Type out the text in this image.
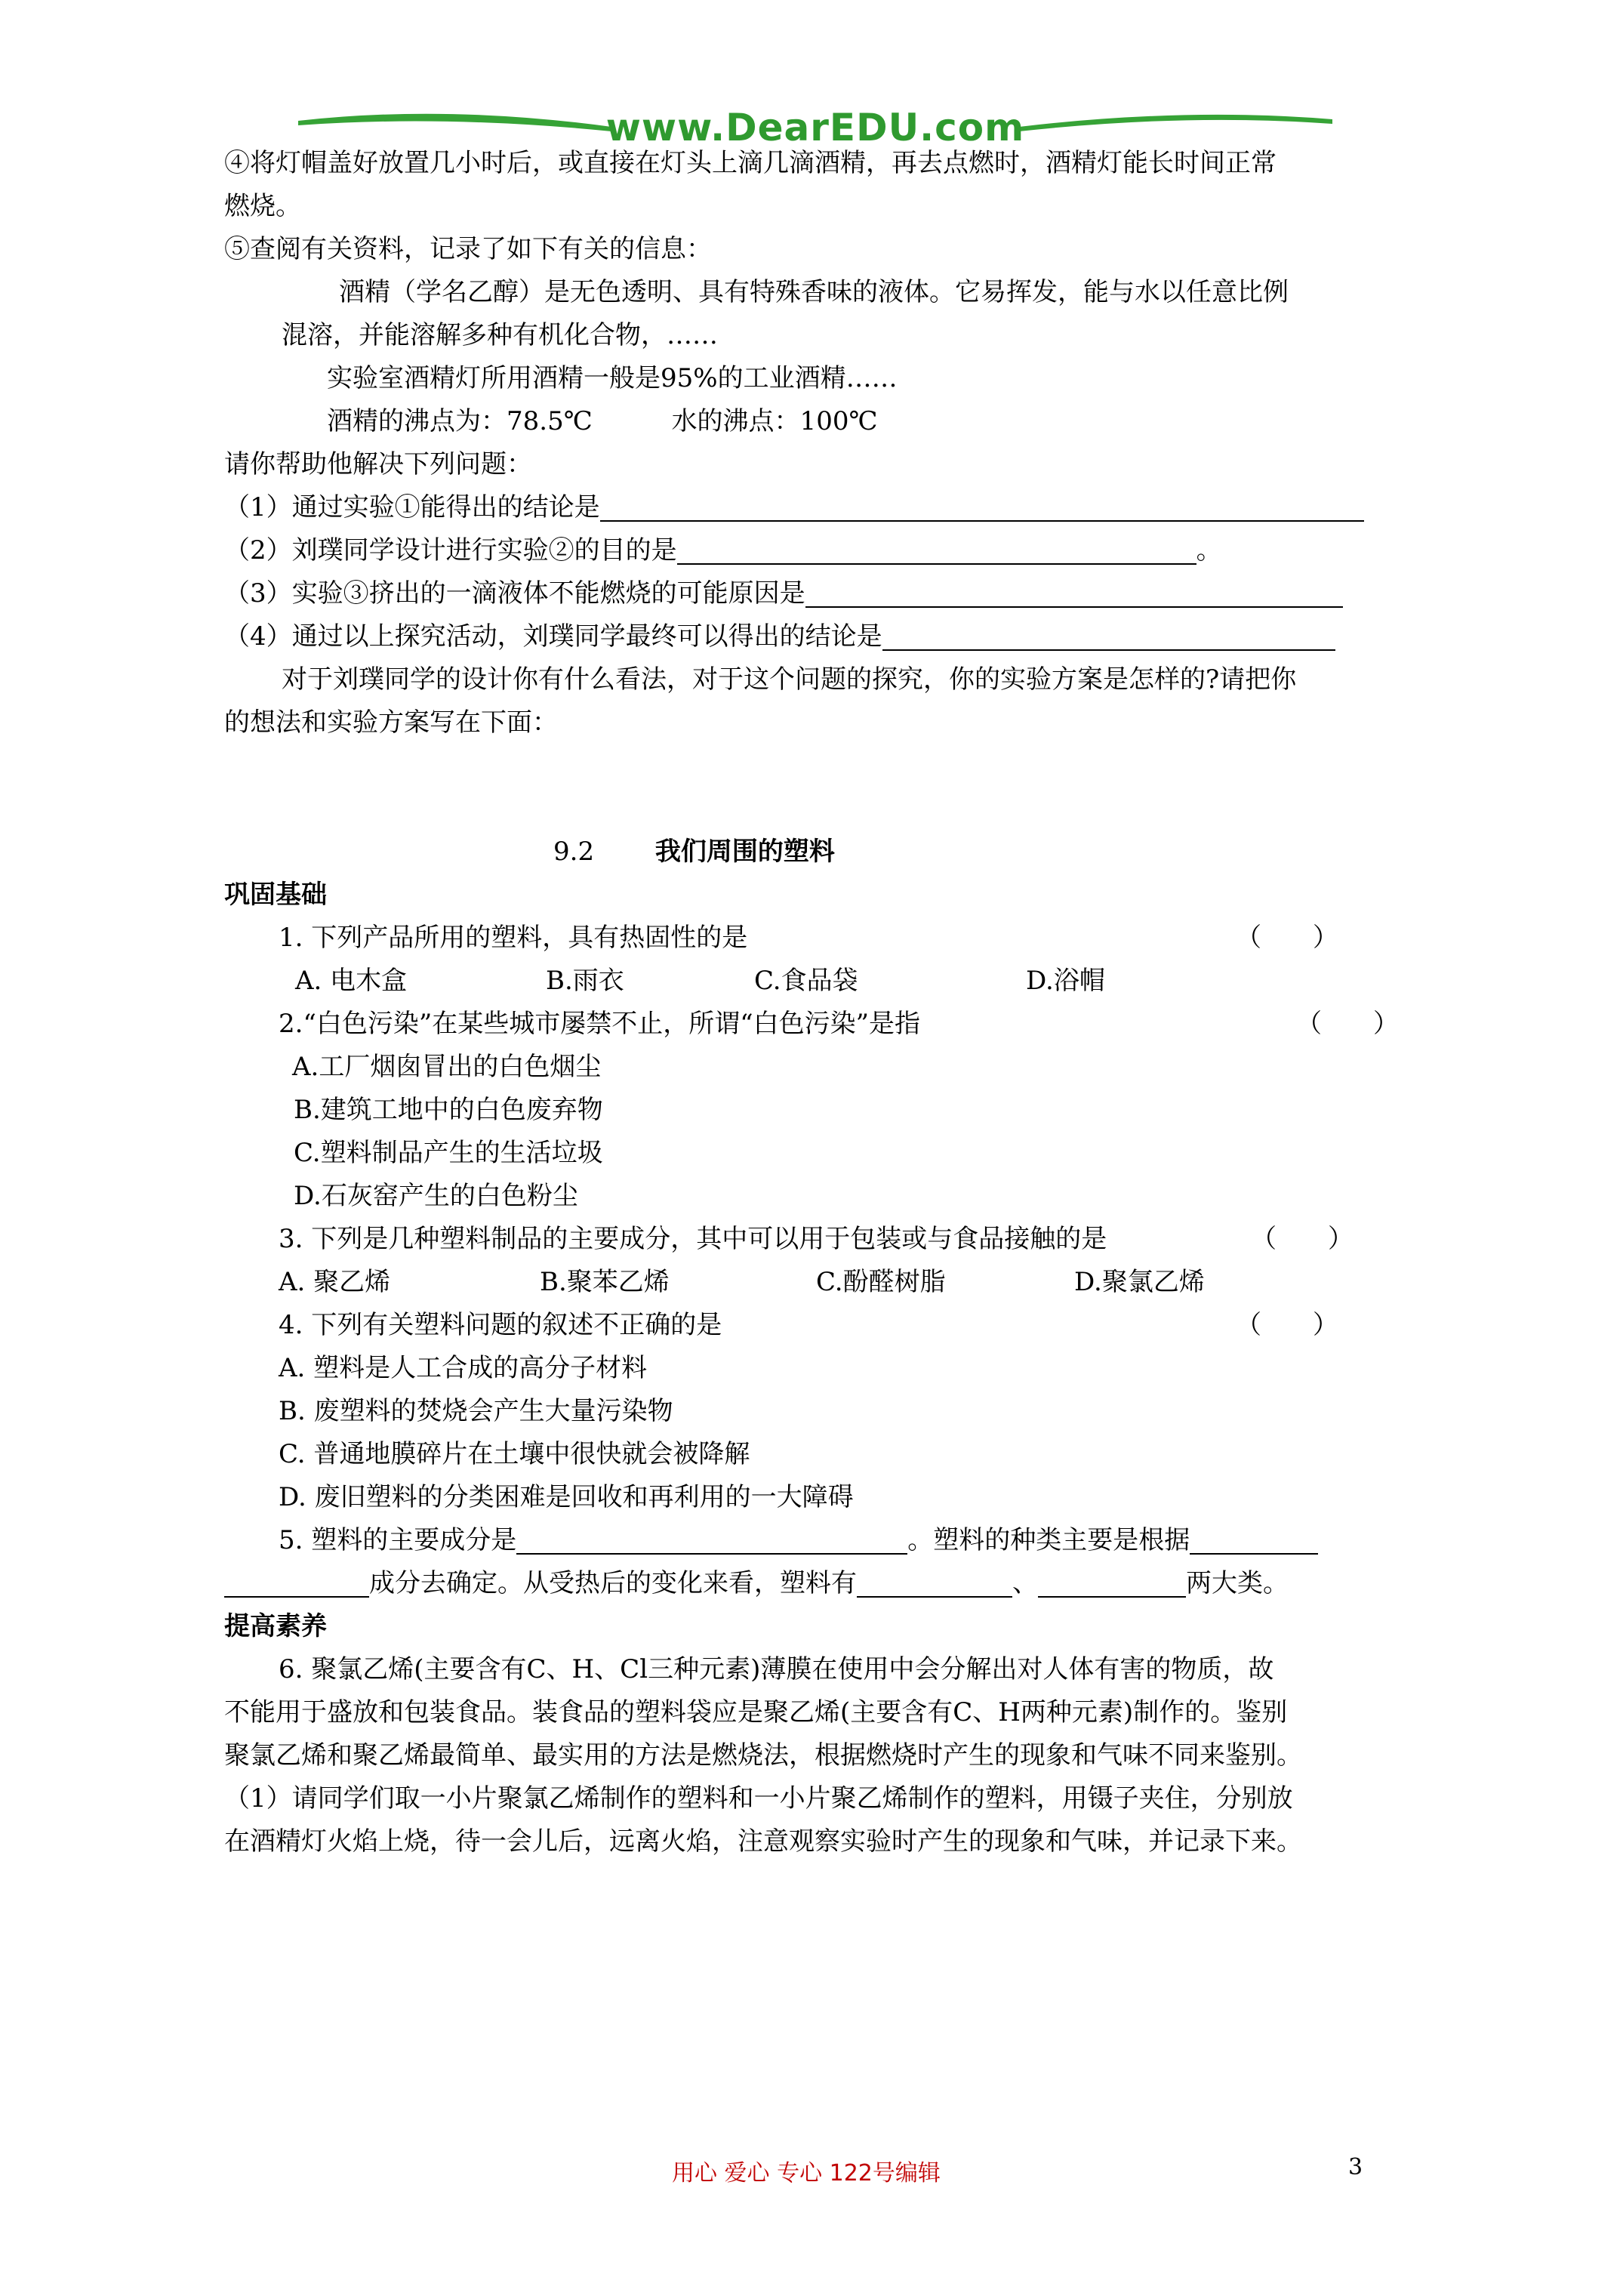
www.DearEDU.com
④将灯帽盖好放置几小时后，或直接在灯头上滴几滴酒精，再去点燃时，酒精灯能长时间正常
燃烧。
⑤查阅有关资料，记录了如下有关的信息：
酒精（学名乙醇）是无色透明、具有特殊香味的液体。它易挥发，能与水以任意比例
混溶，并能溶解多种有机化合物，……
实验室酒精灯所用酒精一般是95%的工业酒精……
酒精的沸点为：78.5℃	水的沸点：100℃
请你帮助他解决下列问题：
（1）通过实验①能得出的结论是
（2）刘璞同学设计进行实验②的目的是	。
（3）实验③挤出的一滴液体不能燃烧的可能原因是
（4）通过以上探究活动，刘璞同学最终可以得出的结论是
对于刘璞同学的设计你有什么看法，对于这个问题的探究，你的实验方案是怎样的?请把你
的想法和实验方案写在下面：
9.2 我们周围的塑料
巩固基础
1. 下列产品所用的塑料，具有热固性的是	（　　）
A. 电木盒	B.雨衣	C.食品袋	D.浴帽
2.“白色污染”在某些城市屡禁不止，所谓“白色污染”是指	（　　）
A.工厂烟囱冒出的白色烟尘
B.建筑工地中的白色废弃物
C.塑料制品产生的生活垃圾
D.石灰窑产生的白色粉尘
3. 下列是几种塑料制品的主要成分，其中可以用于包装或与食品接触的是	（　　）
A. 聚乙烯	B.聚苯乙烯	C.酚醛树脂	D.聚氯乙烯
4. 下列有关塑料问题的叙述不正确的是	（　　）
A. 塑料是人工合成的高分子材料
B. 废塑料的焚烧会产生大量污染物
C. 普通地膜碎片在土壤中很快就会被降解
D. 废旧塑料的分类困难是回收和再利用的一大障碍
5. 塑料的主要成分是	。塑料的种类主要是根据
成分去确定。从受热后的变化来看，塑料有	、	两大类。
提高素养
6. 聚氯乙烯(主要含有C、H、Cl三种元素)薄膜在使用中会分解出对人体有害的物质，故
不能用于盛放和包装食品。装食品的塑料袋应是聚乙烯(主要含有C、H两种元素)制作的。鉴别
聚氯乙烯和聚乙烯最简单、最实用的方法是燃烧法，根据燃烧时产生的现象和气味不同来鉴别。
（1）请同学们取一小片聚氯乙烯制作的塑料和一小片聚乙烯制作的塑料，用镊子夹住，分别放
在酒精灯火焰上烧，待一会儿后，远离火焰，注意观察实验时产生的现象和气味，并记录下来。
用心 爱心 专心 122号编辑	3
